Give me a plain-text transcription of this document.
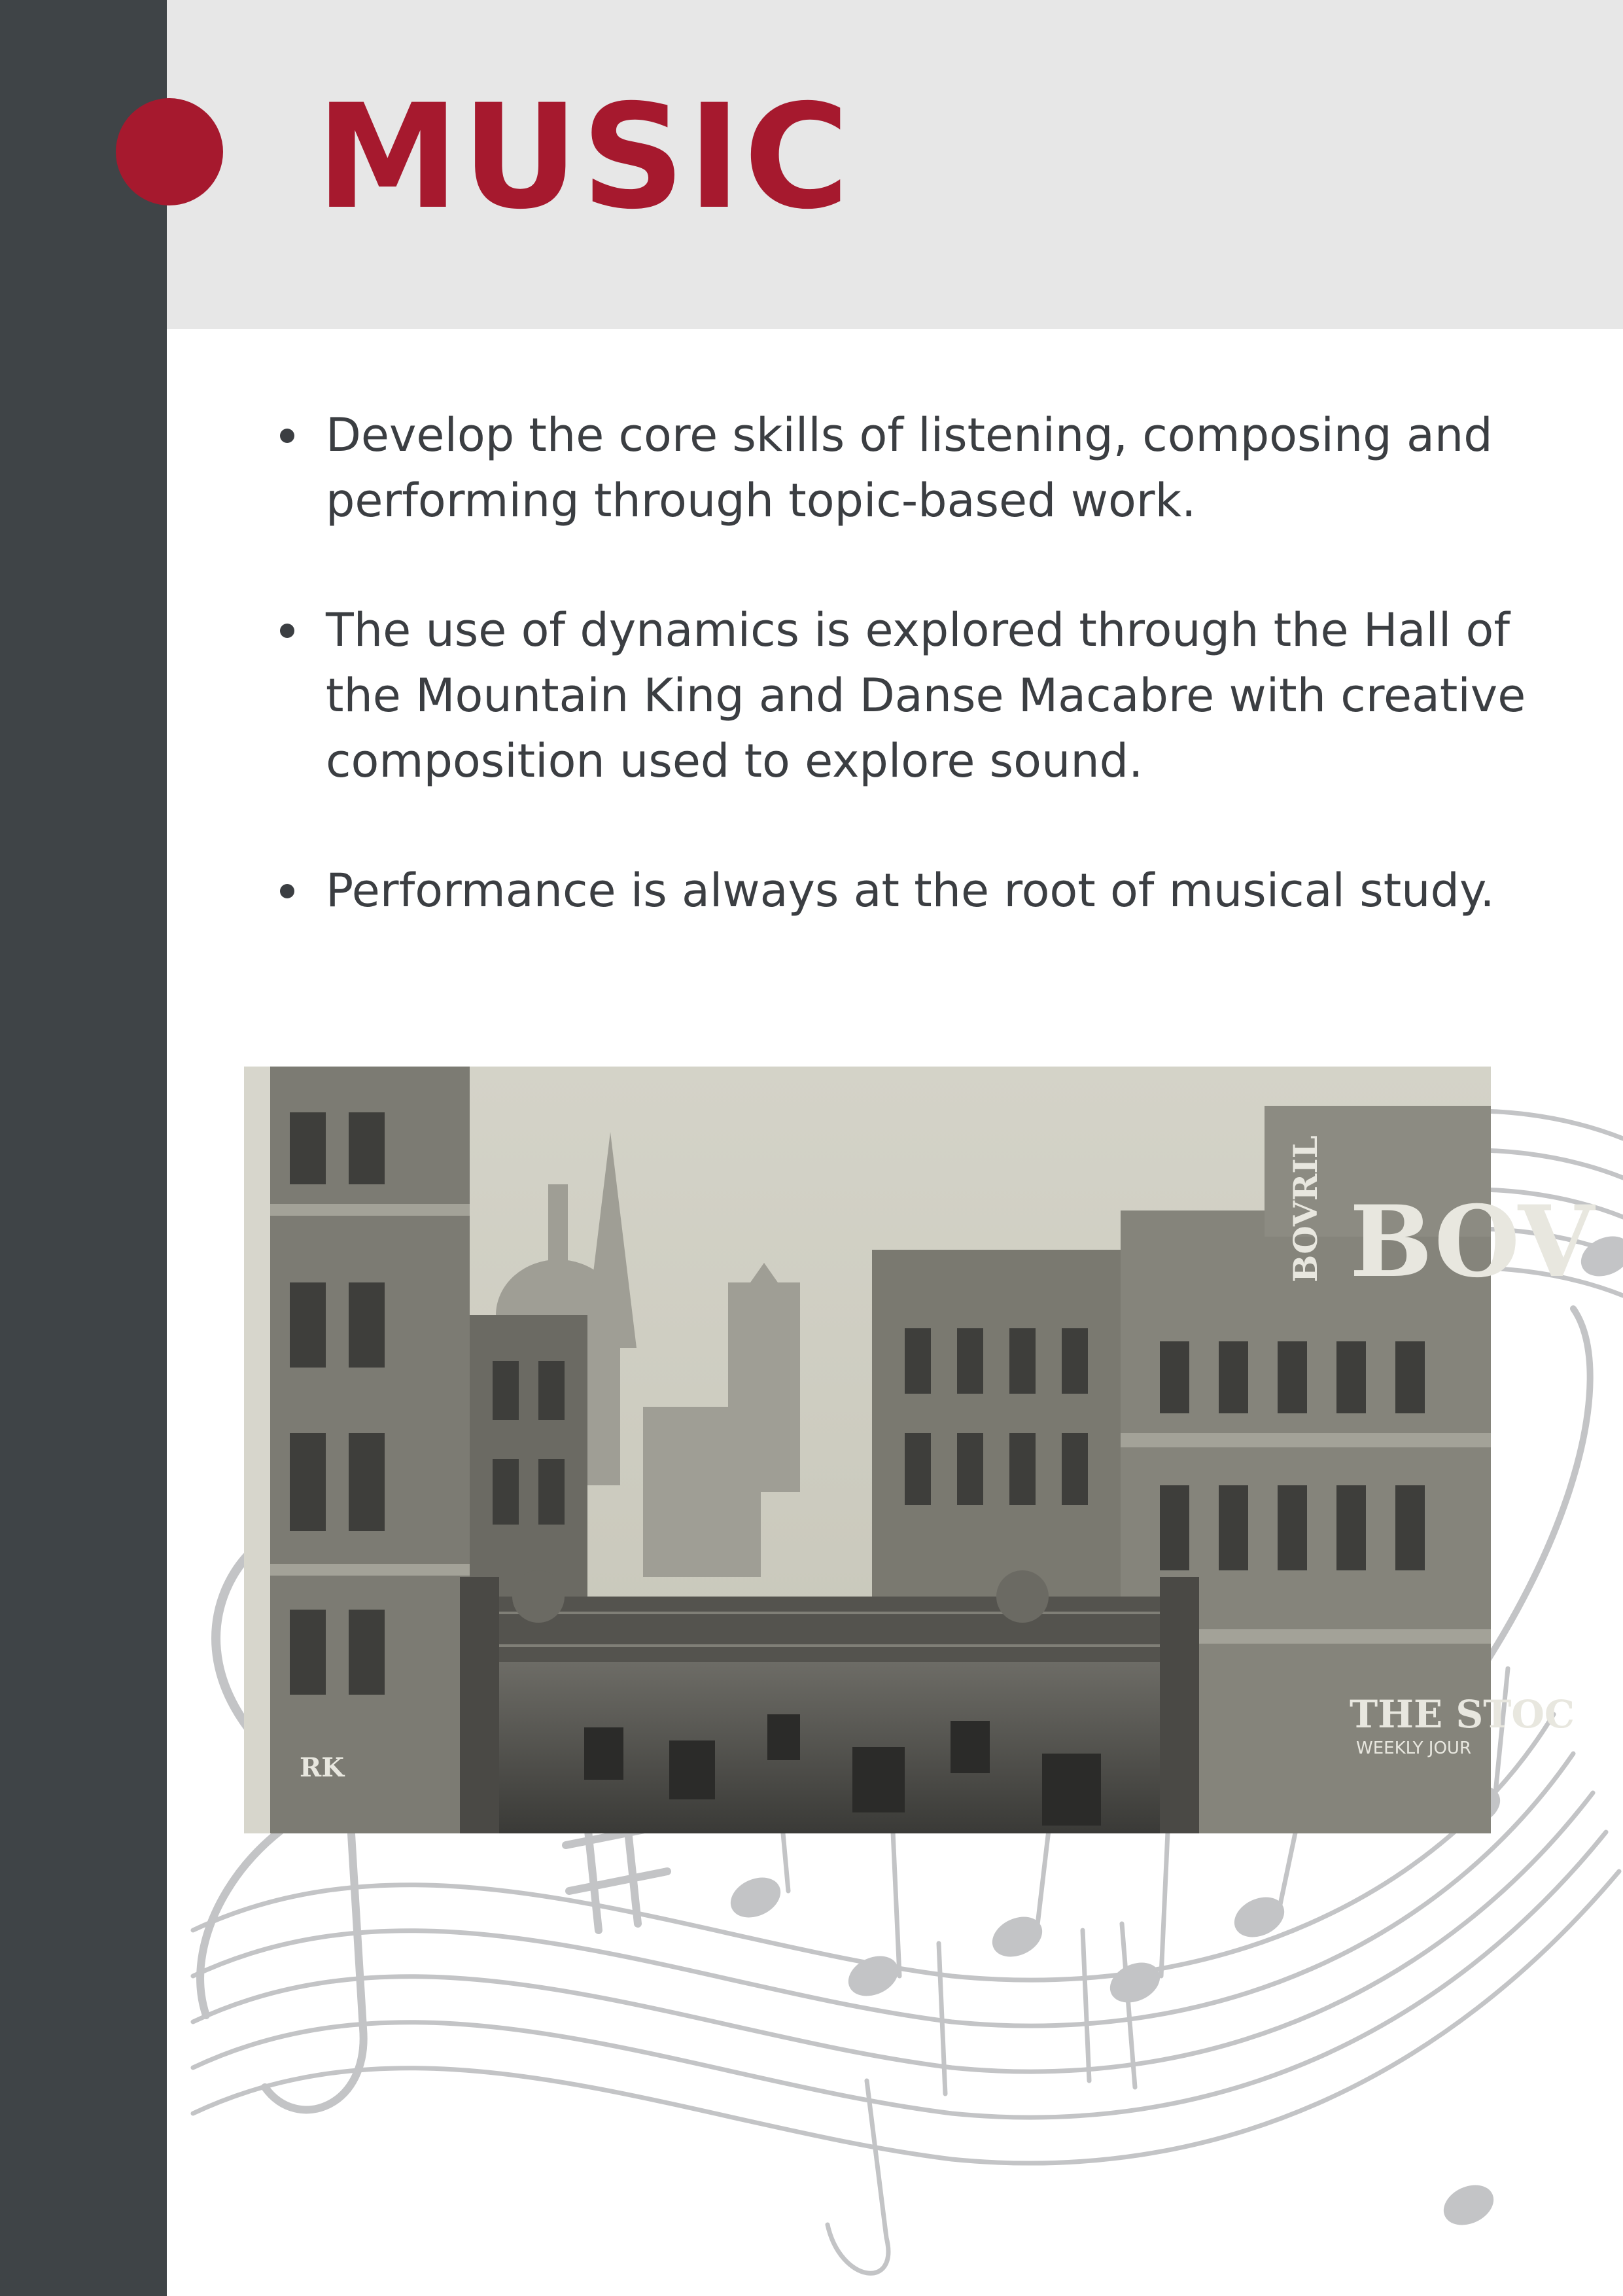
MUSIC
Develop the core skills of listening, composing and performing through topic-based work.
The use of dynamics is explored through the Hall of the Mountain King and Danse Macabre with creative composition used to explore sound.
Performance is always at the root of musical study.
BOVRIL BOV
THE STOC
WEEKLY JOUR
RK
